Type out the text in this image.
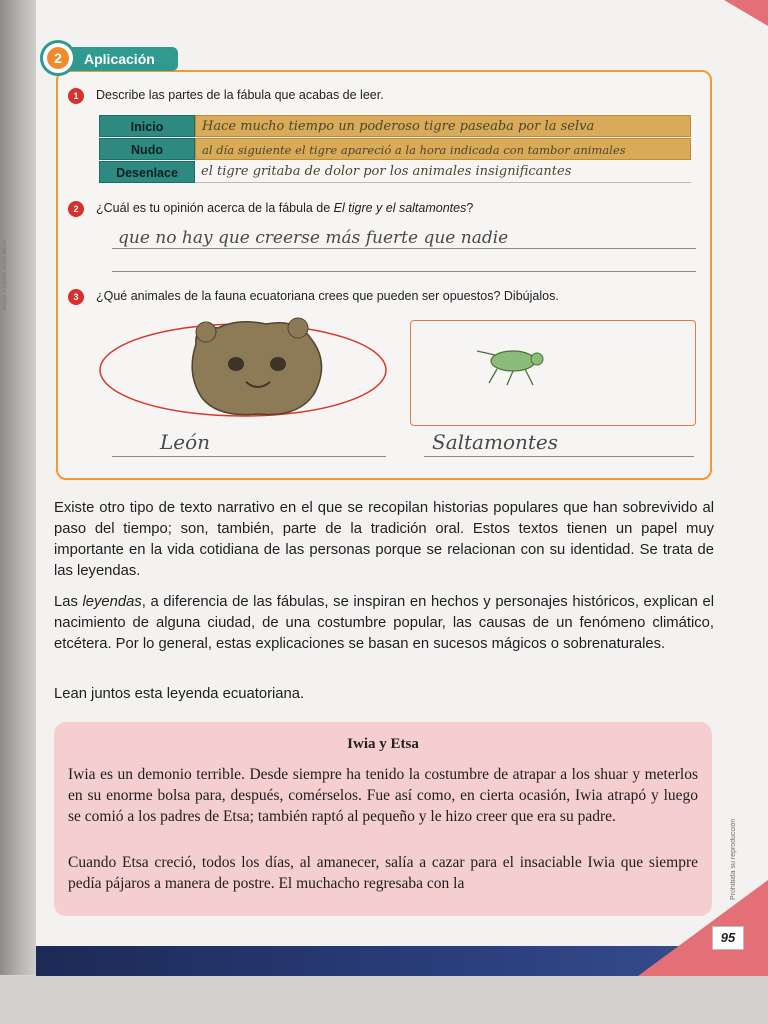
Mapa Turismo 1BOEMON
2	Aplicación
1	Describe las partes de la fábula que acabas de leer.
Inicio	Hace mucho tiempo un poderoso tigre paseaba por la selva
Nudo	al día siguiente el tigre apareció a la hora indicada con tambor animales
Desenlace	el tigre gritaba de dolor por los animales insignificantes
2	¿Cuál es tu opinión acerca de la fábula de El tigre y el saltamontes?
que no hay que creerse más fuerte que nadie
3	¿Qué animales de la fauna ecuatoriana crees que pueden ser opuestos? Dibújalos.
León	Saltamontes
Existe otro tipo de texto narrativo en el que se recopilan historias populares que han sobrevivido al paso del tiempo; son, también, parte de la tradición oral. Estos textos tienen un papel muy importante en la vida cotidiana de las personas porque se relacionan con su identidad. Se trata de las leyendas.
Las leyendas, a diferencia de las fábulas, se inspiran en hechos y personajes históricos, explican el nacimiento de alguna ciudad, de una costumbre popular, las causas de un fenómeno climático, etcétera. Por lo general, estas explicaciones se basan en sucesos mágicos o sobrenaturales.
Lean juntos esta leyenda ecuatoriana.
Iwia y Etsa
Iwia es un demonio terrible. Desde siempre ha tenido la costumbre de atrapar a los shuar y meterlos en su enorme bolsa para, después, comérselos. Fue así como, en cierta ocasión, Iwia atrapó y luego se comió a los padres de Etsa; también raptó al pequeño y le hizo creer que era su padre.
Cuando Etsa creció, todos los días, al amanecer, salía a cazar para el insaciable Iwia que siempre pedía pájaros a manera de postre. El muchacho regresaba con la	Prohibida su reproducción
95
